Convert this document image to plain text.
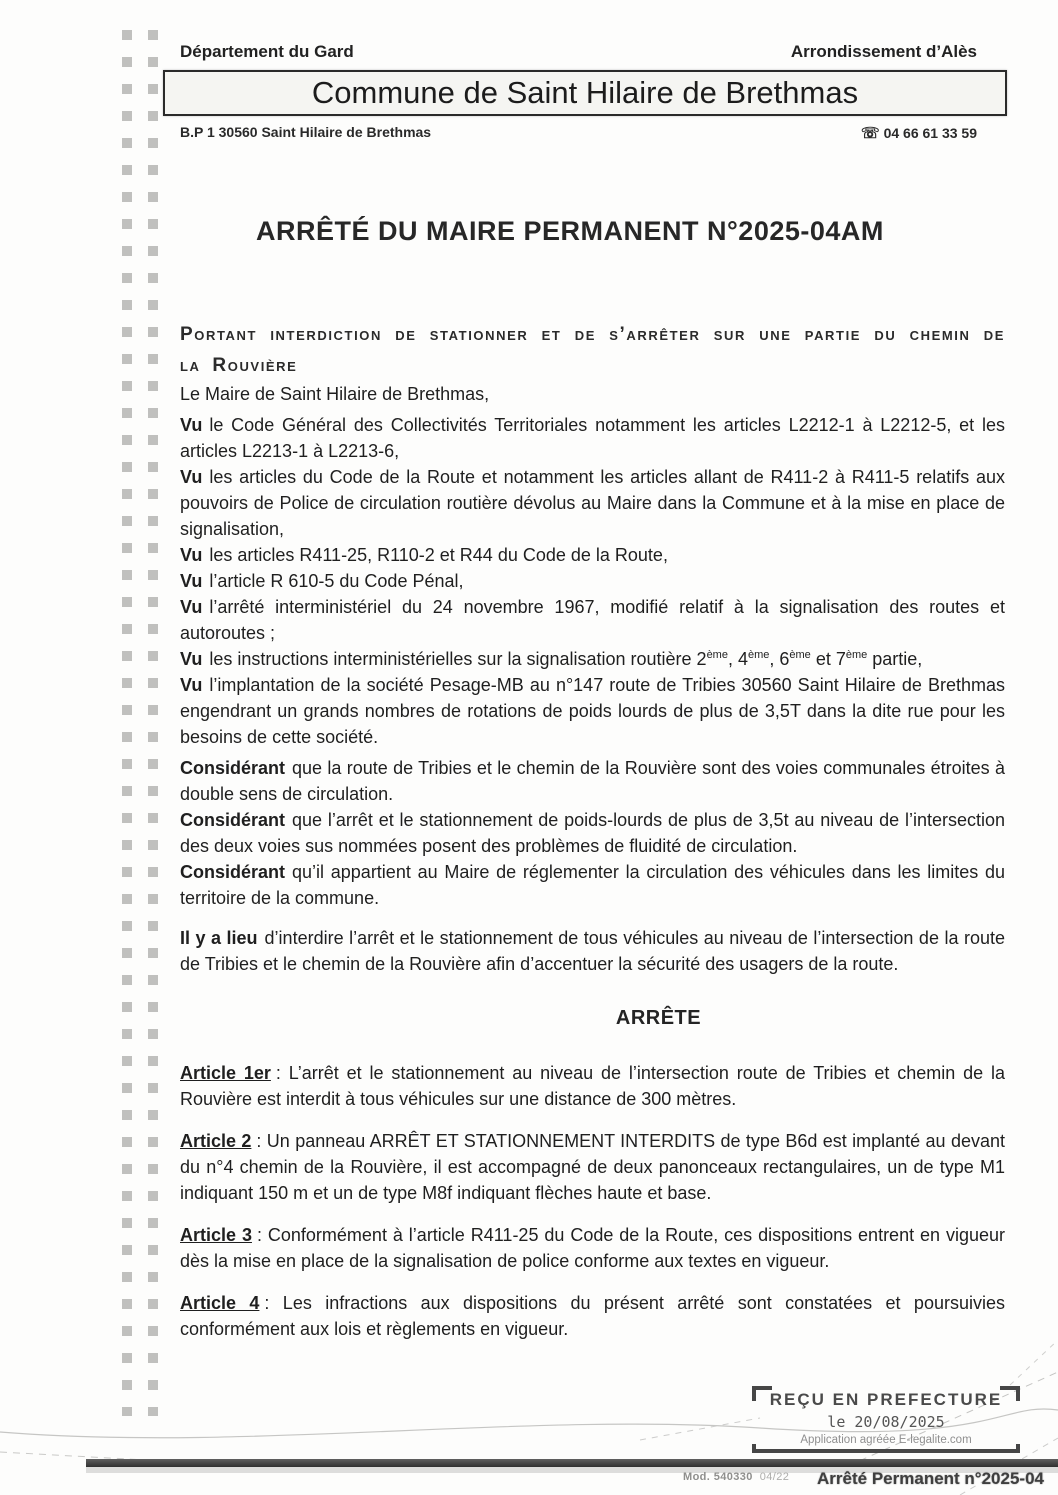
Département du Gard	Arrondissement d’Alès
Commune de Saint Hilaire de Brethmas
B.P 1 30560 Saint Hilaire de Brethmas	☏ 04 66 61 33 59
ARRÊTÉ DU MAIRE PERMANENT N°2025-04AM
Portant interdiction de stationner et de s’arrêter sur une partie du chemin de la Rouvière

Le Maire de Saint Hilaire de Brethmas,

Vu le Code Général des Collectivités Territoriales notamment les articles L2212-1 à L2212-5, et les articles L2213-1 à L2213-6,

Vu les articles du Code de la Route et notamment les articles allant de R411-2 à R411-5 relatifs aux pouvoirs de Police de circulation routière dévolus au Maire dans la Commune et à la mise en place de signalisation,

Vu les articles R411-25, R110-2 et R44 du Code de la Route,

Vu l’article R 610-5 du Code Pénal,

Vu l’arrêté interministériel du 24 novembre 1967, modifié relatif à la signalisation des routes et autoroutes ;

Vu les instructions interministérielles sur la signalisation routière 2ème, 4ème, 6ème et 7ème partie,

Vu l’implantation de la société Pesage-MB au n°147 route de Tribies 30560 Saint Hilaire de Brethmas engendrant un grands nombres de rotations de poids lourds de plus de 3,5T dans la dite rue pour les besoins de cette société.

Considérant que la route de Tribies et le chemin de la Rouvière sont des voies communales étroites à double sens de circulation.

Considérant que l’arrêt et le stationnement de poids-lourds de plus de 3,5t au niveau de l’intersection des deux voies sus nommées posent des problèmes de fluidité de circulation.

Considérant qu’il appartient au Maire de réglementer la circulation des véhicules dans les limites du territoire de la commune.

Il y a lieu d’interdire l’arrêt et le stationnement de tous véhicules au niveau de l’intersection de la route de Tribies et le chemin de la Rouvière afin d’accentuer la sécurité des usagers de la route.

ARRÊTE

Article 1er : L’arrêt et le stationnement au niveau de l’intersection route de Tribies et chemin de la Rouvière est interdit à tous véhicules sur une distance de 300 mètres.

Article 2 : Un panneau ARRÊT ET STATIONNEMENT INTERDITS de type B6d est implanté au devant du n°4 chemin de la Rouvière, il est accompagné de deux panonceaux rectangulaires, un de type M1 indiquant 150 m et un de type M8f indiquant flèches haute et base.

Article 3 : Conformément à l’article R411-25 du Code de la Route, ces dispositions entrent en vigueur dès la mise en place de la signalisation de police conforme aux textes en vigueur.

Article 4 : Les infractions aux dispositions du présent arrêté sont constatées et poursuivies conformément aux lois et règlements en vigueur.

REÇU EN PREFECTURE
le 20/08/2025
Application agréée E-legalite.com
Mod. 540330 04/22 Arrêté Permanent n°2025-04
